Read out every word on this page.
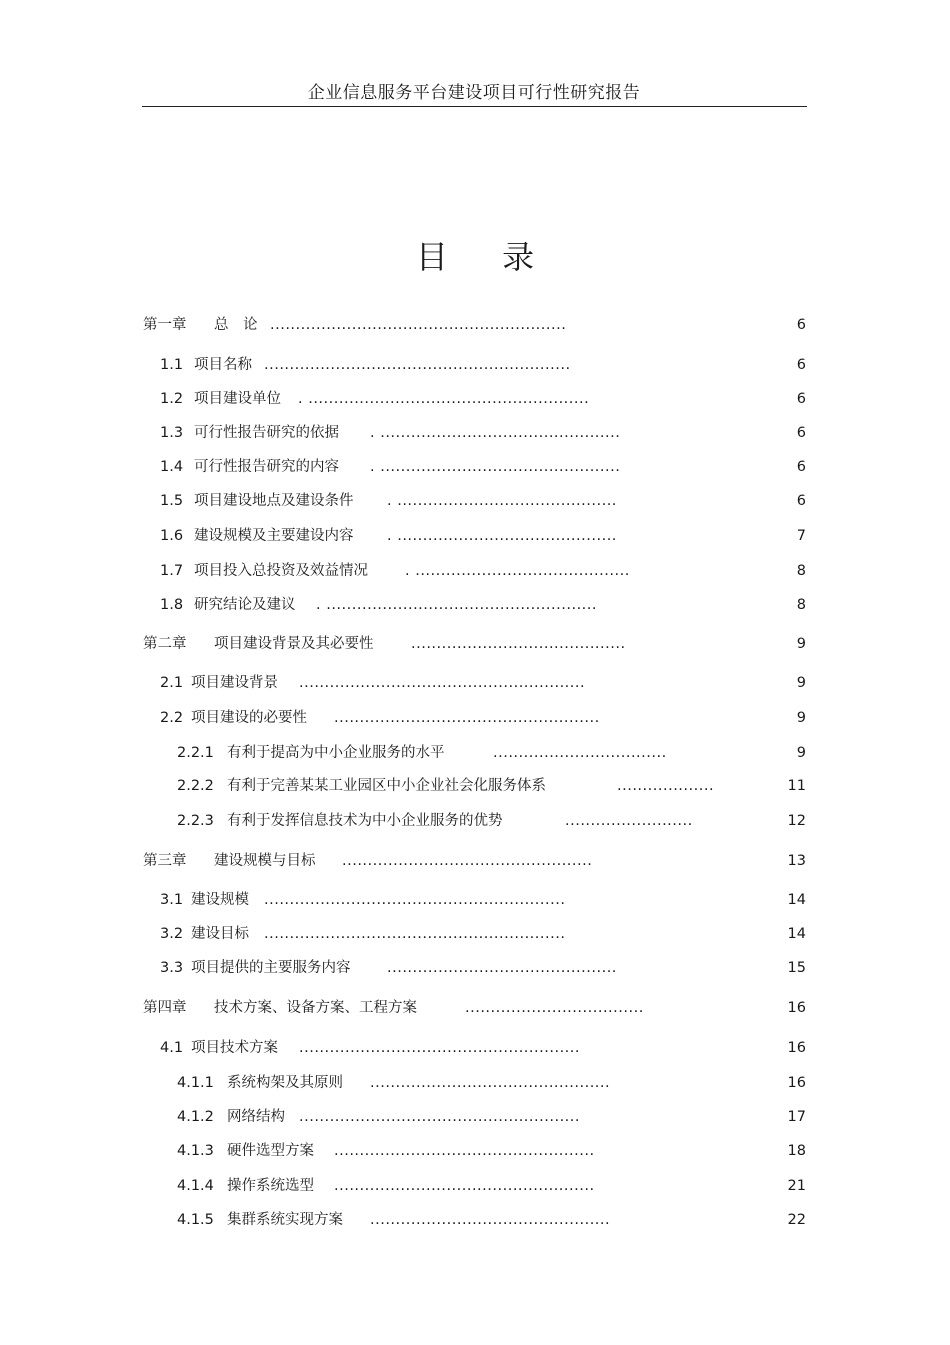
企业信息服务平台建设项目可行性研究报告
目 录
第一章 总　论 ..........................................................	6
1.1 项目名称 ............................................................	6
1.2 项目建设单位 . .......................................................	6
1.3 可行性报告研究的依据 . ...............................................	6
1.4 可行性报告研究的内容 . ...............................................	6
1.5 项目建设地点及建设条件 . ...........................................	6
1.6 建设规模及主要建设内容 . ...........................................	7
1.7 项目投入总投资及效益情况	. ..........................................	8
1.8 研究结论及建议 . .....................................................	8
第二章 项目建设背景及其必要性	..........................................	9
2.1 项目建设背景 ........................................................	9
2.2 项目建设的必要性 ....................................................	9
2.2.1 有利于提高为中小企业服务的水平	..................................	9
2.2.2 有利于完善某某工业园区中小企业社会化服务体系	...................	11
2.2.3 有利于发挥信息技术为中小企业服务的优势	.........................	12
第三章 建设规模与目标 .................................................	13
3.1 建设规模 ...........................................................	14
3.2 建设目标 ...........................................................	14
3.3 项目提供的主要服务内容	.............................................	15
第四章 技术方案、设备方案、工程方案	...................................	16
4.1 项目技术方案 .......................................................	16
4.1.1 系统构架及其原则 ...............................................	16
4.1.2 网络结构 .......................................................	17
4.1.3 硬件选型方案 ...................................................	18
4.1.4 操作系统选型 ...................................................	21
4.1.5 集群系统实现方案 ...............................................	22
